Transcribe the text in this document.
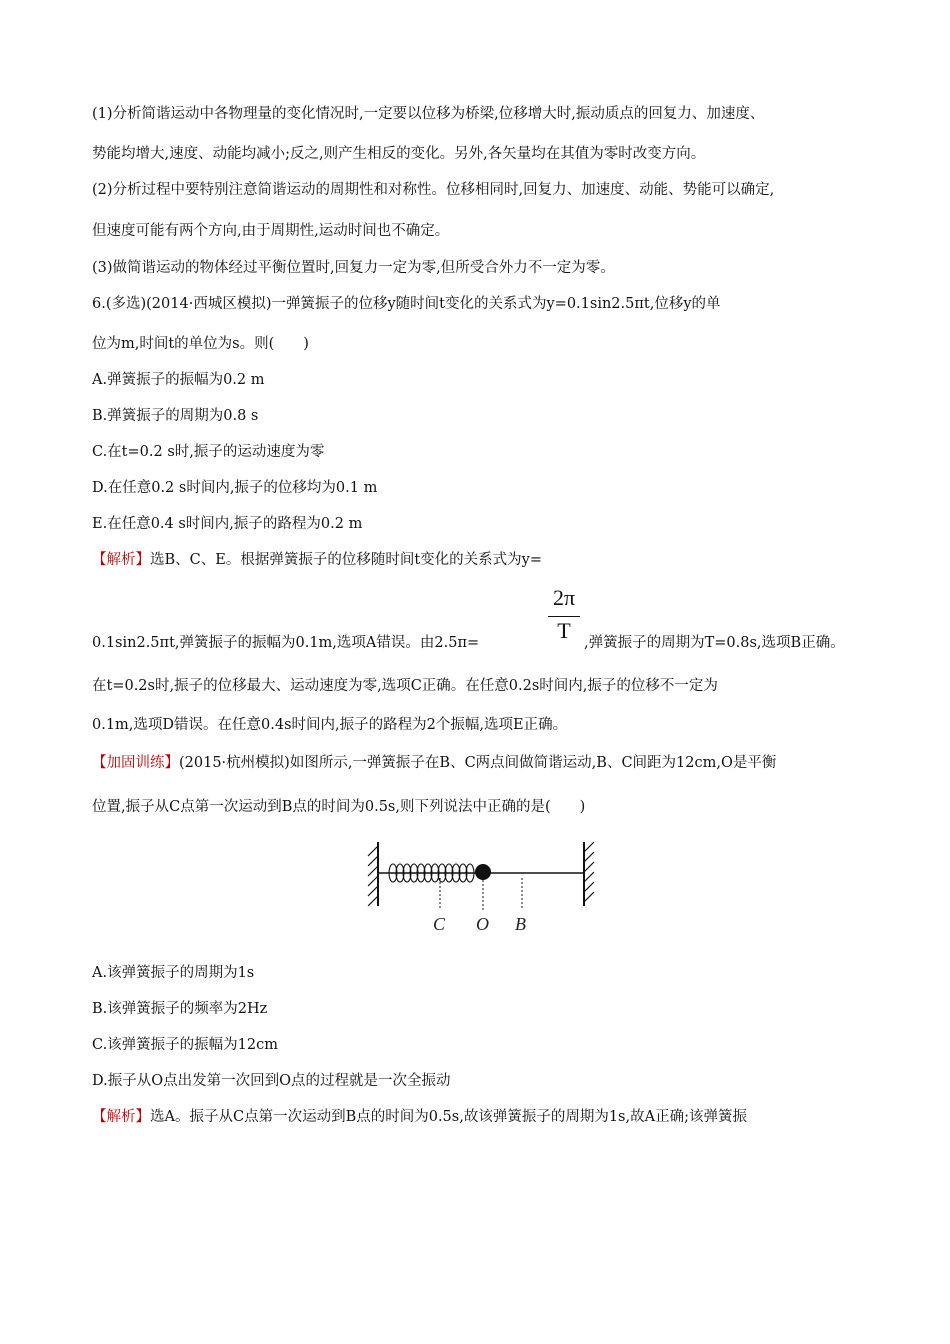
(1)分析简谐运动中各物理量的变化情况时,一定要以位移为桥梁,位移增大时,振动质点的回复力、加速度、
势能均增大,速度、动能均减小;反之,则产生相反的变化。另外,各矢量均在其值为零时改变方向。
(2)分析过程中要特别注意简谐运动的周期性和对称性。位移相同时,回复力、加速度、动能、势能可以确定,
但速度可能有两个方向,由于周期性,运动时间也不确定。
(3)做简谐运动的物体经过平衡位置时,回复力一定为零,但所受合外力不一定为零。
6.(多选)(2014·西城区模拟)一弹簧振子的位移y随时间t变化的关系式为y=0.1sin2.5πt,位移y的单
位为m,时间t的单位为s。则(　　)
A.弹簧振子的振幅为0.2 m
B.弹簧振子的周期为0.8 s
C.在t=0.2 s时,振子的运动速度为零
D.在任意0.2 s时间内,振子的位移均为0.1 m
E.在任意0.4 s时间内,振子的路程为0.2 m
【解析】选B、C、E。根据弹簧振子的位移随时间t变化的关系式为y=
2π
T
0.1sin2.5πt,弹簧振子的振幅为0.1m,选项A错误。由2.5π=	,弹簧振子的周期为T=0.8s,选项B正确。
在t=0.2s时,振子的位移最大、运动速度为零,选项C正确。在任意0.2s时间内,振子的位移不一定为
0.1m,选项D错误。在任意0.4s时间内,振子的路程为2个振幅,选项E正确。
【加固训练】(2015·杭州模拟)如图所示,一弹簧振子在B、C两点间做简谐运动,B、C间距为12cm,O是平衡
位置,振子从C点第一次运动到B点的时间为0.5s,则下列说法中正确的是(　　)
C O B
A.该弹簧振子的周期为1s
B.该弹簧振子的频率为2Hz
C.该弹簧振子的振幅为12cm
D.振子从O点出发第一次回到O点的过程就是一次全振动
【解析】选A。振子从C点第一次运动到B点的时间为0.5s,故该弹簧振子的周期为1s,故A正确;该弹簧振
